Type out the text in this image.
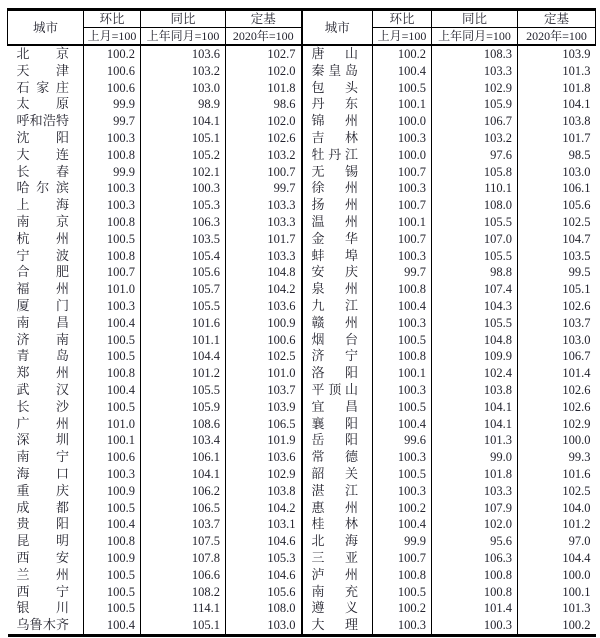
城市	环比	同比	定基	城市	环比	同比	定基
	上月=100	上年同月=100	2020年=100		上月=100	上年同月=100	2020年=100

北京	100.2	103.6	102.7	唐山	100.2	108.3	103.9

天津	100.6	103.2	102.0	秦皇岛	100.4	103.3	101.3

石家庄	100.6	103.0	101.8	包头	100.5	102.9	101.8

太原	99.9	98.9	98.6	丹东	100.1	105.9	104.1

呼和浩特	99.7	104.1	102.0	锦州	100.0	106.7	103.8

沈阳	100.3	105.1	102.6	吉林	100.3	103.2	101.7

大连	100.8	105.2	103.2	牡丹江	100.0	97.6	98.5

长春	99.9	102.1	100.7	无锡	100.7	105.8	103.0

哈尔滨	100.3	100.3	99.7	徐州	100.3	110.1	106.1

上海	100.3	105.3	103.3	扬州	100.7	108.0	105.6

南京	100.8	106.3	103.3	温州	100.1	105.5	102.5

杭州	100.5	103.5	101.7	金华	100.7	107.0	104.7

宁波	100.8	105.4	103.3	蚌埠	100.3	105.5	103.5

合肥	100.7	105.6	104.8	安庆	99.7	98.8	99.5

福州	101.0	105.7	104.2	泉州	100.8	107.4	105.1

厦门	100.3	105.5	103.6	九江	100.4	104.3	102.6

南昌	100.4	101.6	100.9	赣州	100.3	105.5	103.7

济南	100.5	101.1	100.6	烟台	100.5	104.8	103.0

青岛	100.5	104.4	102.5	济宁	100.8	109.9	106.7

郑州	100.8	101.2	101.0	洛阳	100.1	102.4	101.4

武汉	100.4	105.5	103.7	平顶山	100.3	103.8	102.6

长沙	100.5	105.9	103.9	宜昌	100.5	104.1	102.6

广州	101.0	108.6	106.5	襄阳	100.4	104.1	102.9

深圳	100.1	103.4	101.9	岳阳	99.6	101.3	100.0

南宁	100.6	106.1	103.6	常德	100.3	99.0	99.3

海口	100.3	104.1	102.9	韶关	100.5	101.8	101.6

重庆	100.9	106.2	103.8	湛江	100.3	103.3	102.5

成都	100.5	106.5	104.2	惠州	100.2	107.9	104.0

贵阳	100.4	103.7	103.1	桂林	100.4	102.0	101.2

昆明	100.8	107.5	104.6	北海	99.9	95.6	97.0

西安	100.9	107.8	105.3	三亚	100.7	106.3	104.4

兰州	100.5	106.6	104.6	泸州	100.8	100.8	100.0

西宁	100.5	108.2	105.6	南充	100.5	100.8	100.1

银川	100.5	114.1	108.0	遵义	100.2	101.4	101.3

乌鲁木齐	100.4	105.1	103.0	大理	100.3	100.3	100.2
